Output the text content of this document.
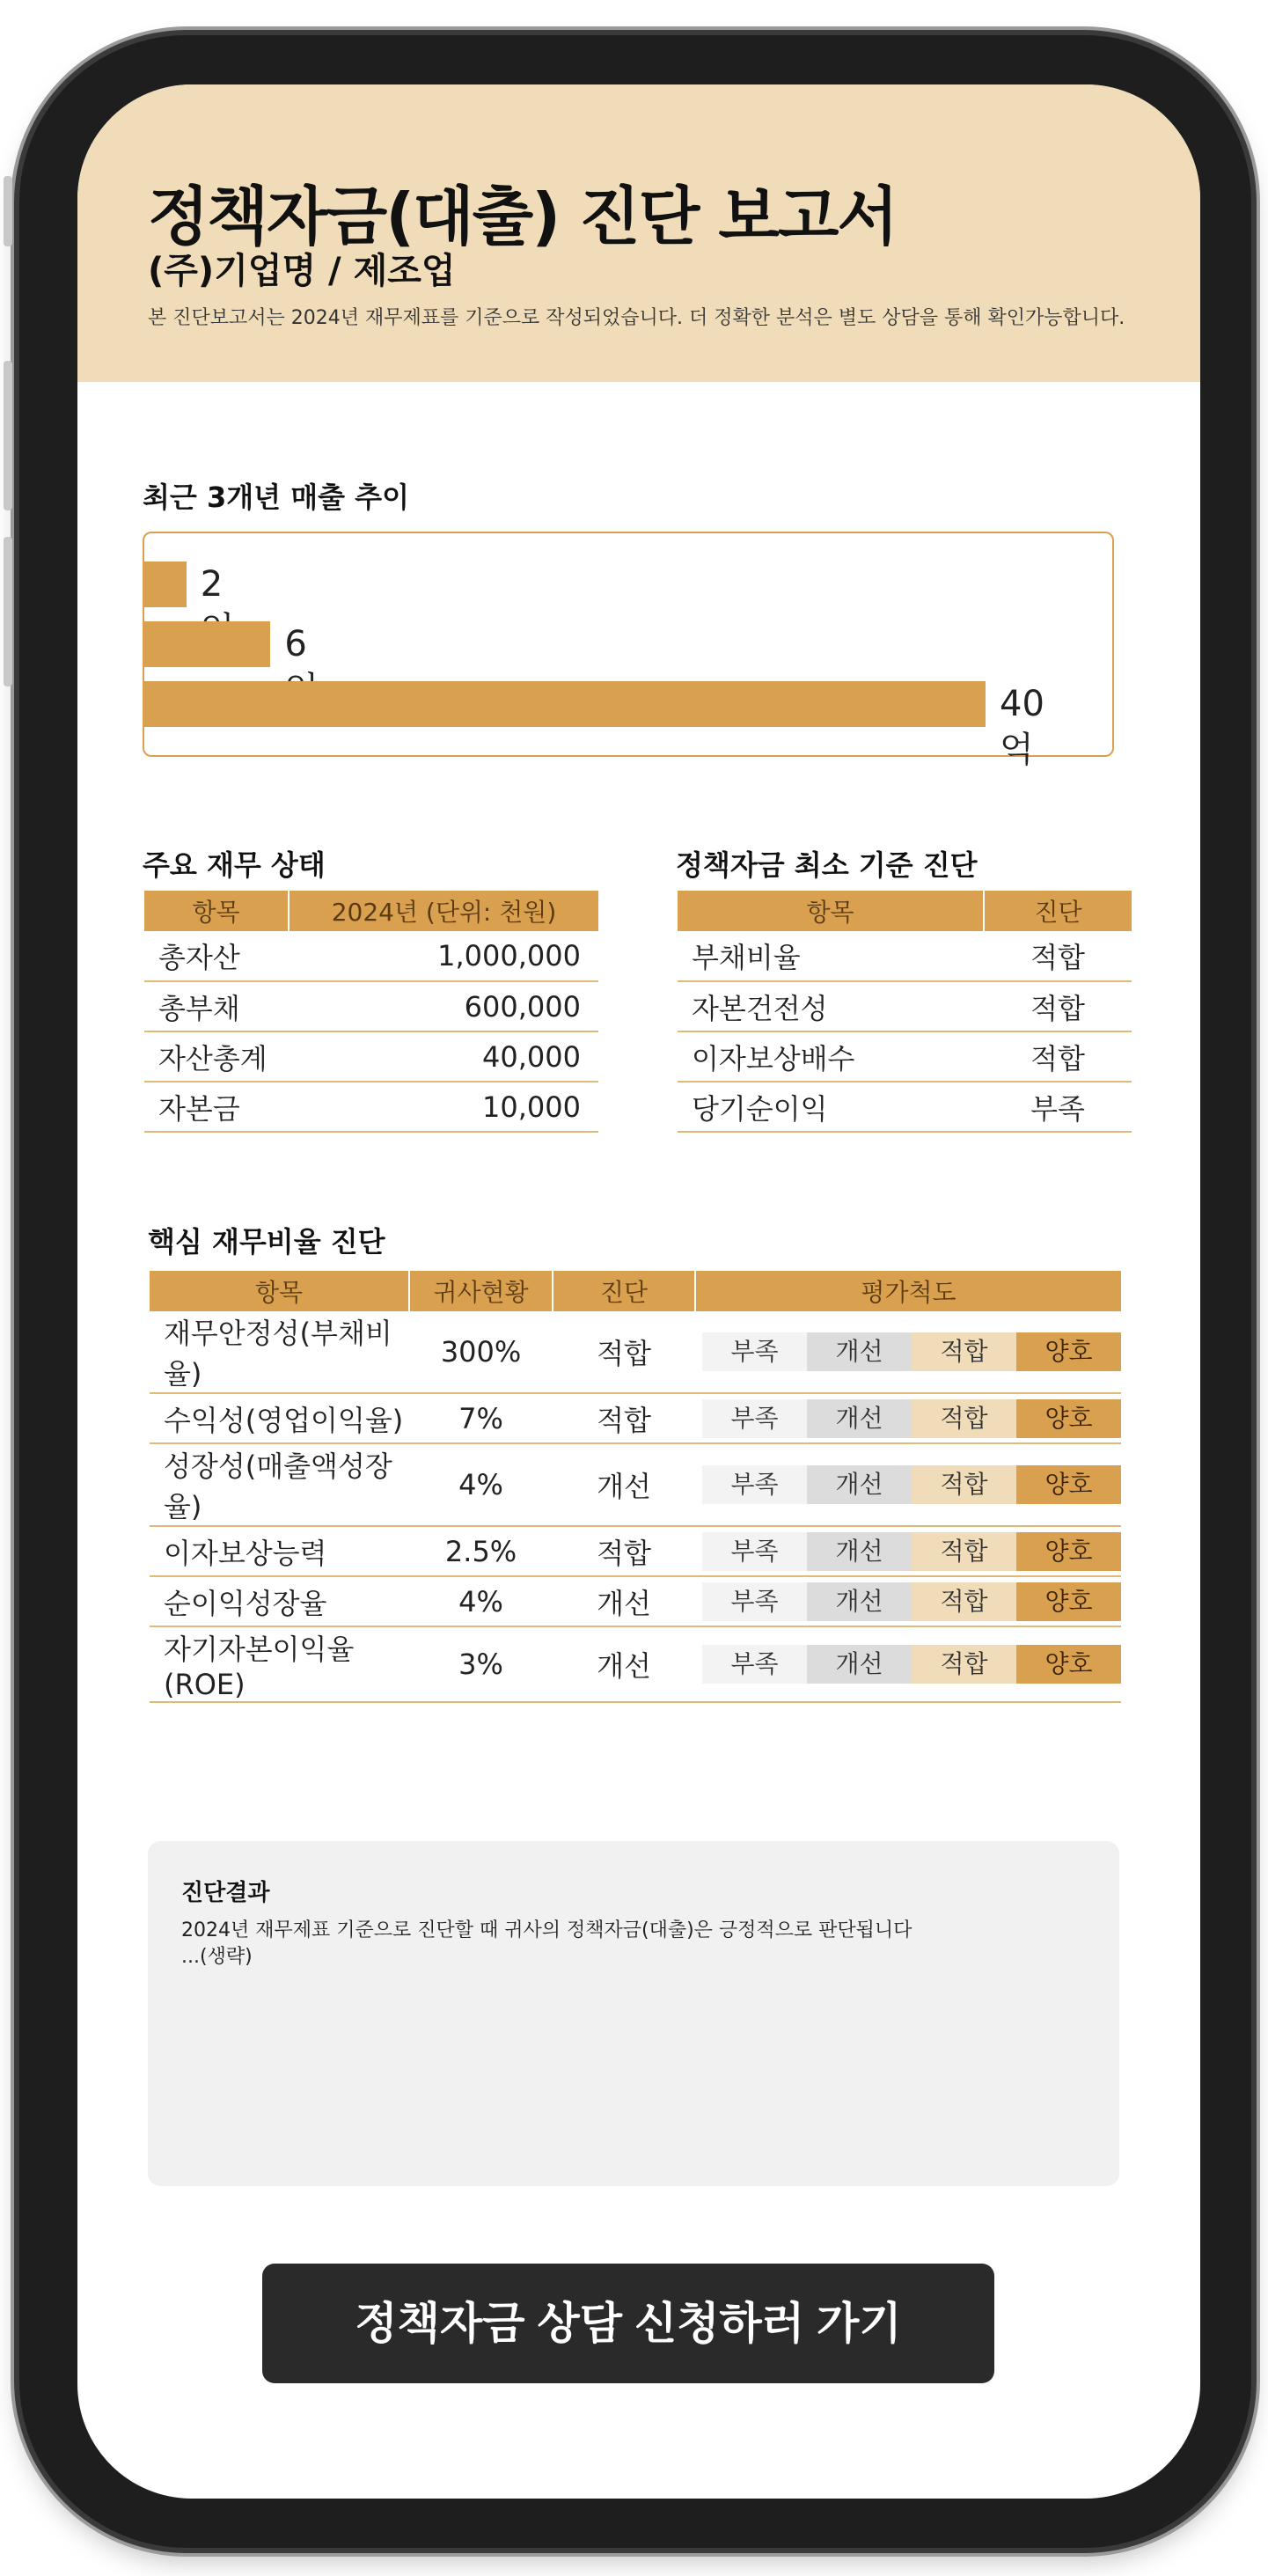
정책자금(대출) 진단 보고서
(주)기업명 / 제조업
본 진단보고서는 2024년 재무제표를 기준으로 작성되었습니다. 더 정확한 분석은 별도 상담을 통해 확인가능합니다.
최근 3개년 매출 추이
2
6
40억
주요 재무 상태
항목	2024년 (단위: 천원)
총자산	1,000,000
총부채	600,000
자산총계	40,000
자본금	10,000
정책자금 최소 기준 진단
항목	진단
부채비율	적합
자본건전성	적합
이자보상배수	적합
당기순이익	부족
핵심 재무비율 진단
항목	귀사현황	진단	평가척도
재무안정성(부채비율)	300%	적합	부족 개선 적합 양호

수익성(영업이익율)	7%	적합	부족 개선 적합 양호

성장성(매출액성장율)	4%	개선	부족 개선 적합 양호

이자보상능력	2.5%	적합	부족 개선 적합 양호

순이익성장율	4%	개선	부족 개선 적합 양호

자기자본이익율(ROE)	3%	개선	부족 개선 적합 양호
진단결과
2024년 재무제표 기준으로 진단할 때 귀사의 정책자금(대출)은 긍정적으로 판단됩니다
...(생략)
정책자금 상담 신청하러 가기
